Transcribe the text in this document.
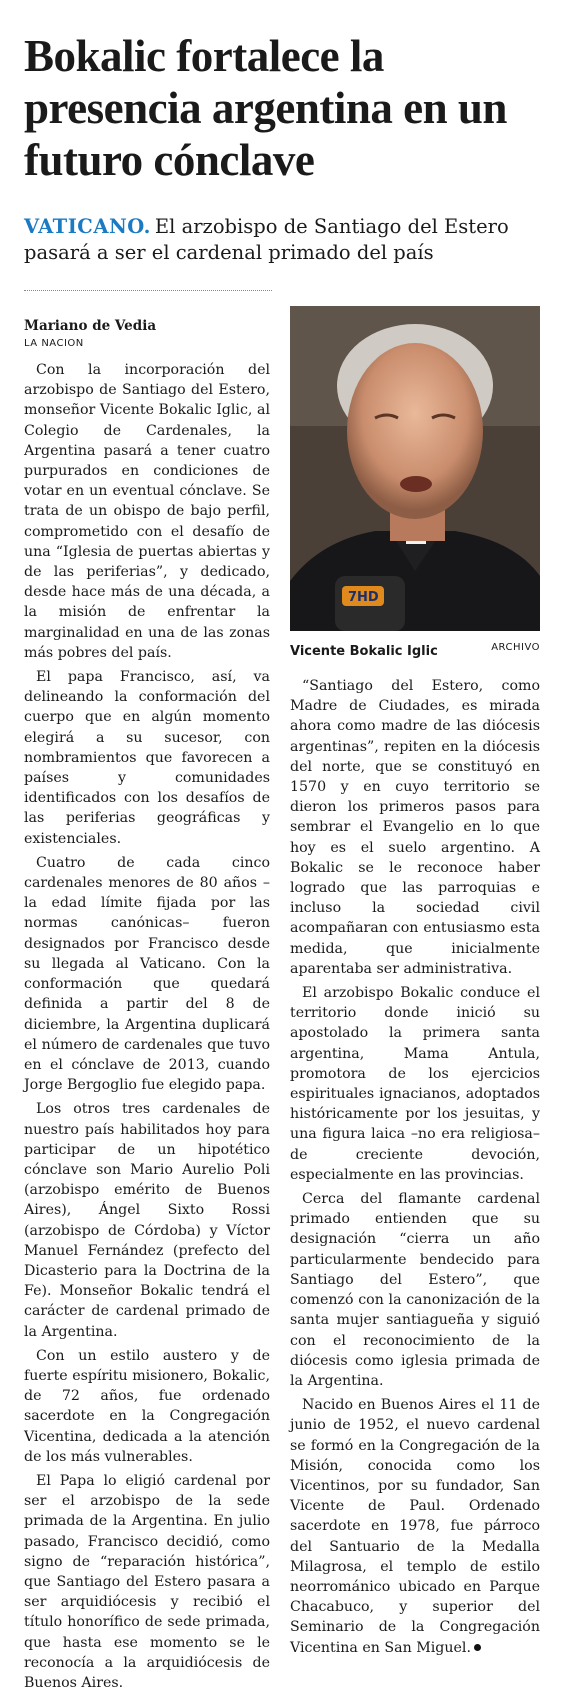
Bokalic fortalece la presencia argentina en un futuro cónclave
VATICANO. El arzobispo de Santiago del Estero pasará a ser el cardenal primado del país
Mariano de Vedia
LA NACION

Con la incorporación del arzobispo de Santiago del Estero, monseñor Vicente Bokalic Iglic, al Colegio de Cardenales, la Argentina pasará a tener cuatro purpurados en condiciones de votar en un eventual cónclave. Se trata de un obispo de bajo perfil, comprometido con el desafío de una “Iglesia de puertas abiertas y de las periferias”, y dedicado, desde hace más de una década, a la misión de enfrentar la marginalidad en una de las zonas más pobres del país.

El papa Francisco, así, va delineando la conformación del cuerpo que en algún momento elegirá a su sucesor, con nombramientos que favorecen a países y comunidades identificados con los desafíos de las periferias geográficas y existenciales.

Cuatro de cada cinco cardenales menores de 80 años –la edad límite fijada por las normas canónicas– fueron designados por Francisco desde su llegada al Vaticano. Con la conformación que quedará definida a partir del 8 de diciembre, la Argentina duplicará el número de cardenales que tuvo en el cónclave de 2013, cuando Jorge Bergoglio fue elegido papa.

Los otros tres cardenales de nuestro país habilitados hoy para participar de un hipotético cónclave son Mario Aurelio Poli (arzobispo emérito de Buenos Aires), Ángel Sixto Rossi (arzobispo de Córdoba) y Víctor Manuel Fernández (prefecto del Dicasterio para la Doctrina de la Fe). Monseñor Bokalic tendrá el carácter de cardenal primado de la Argentina.

Con un estilo austero y de fuerte espíritu misionero, Bokalic, de 72 años, fue ordenado sacerdote en la Congregación Vicentina, dedicada a la atención de los más vulnerables.

El Papa lo eligió cardenal por ser el arzobispo de la sede primada de la Argentina. En julio pasado, Francisco decidió, como signo de “reparación histórica”, que Santiago del Estero pasara a ser arquidiócesis y recibió el título honorífico de sede primada, que hasta ese momento se le reconocía a la arquidiócesis de Buenos Aires.

7HD
Vicente Bokalic Iglic	ARCHIVO

“Santiago del Estero, como Madre de Ciudades, es mirada ahora como madre de las diócesis argentinas”, repiten en la diócesis del norte, que se constituyó en 1570 y en cuyo territorio se dieron los primeros pasos para sembrar el Evangelio en lo que hoy es el suelo argentino. A Bokalic se le reconoce haber logrado que las parroquias e incluso la sociedad civil acompañaran con entusiasmo esta medida, que inicialmente aparentaba ser administrativa.

El arzobispo Bokalic conduce el territorio donde inició su apostolado la primera santa argentina, Mama Antula, promotora de los ejercicios espirituales ignacianos, adoptados históricamente por los jesuitas, y una figura laica –no era religiosa– de creciente devoción, especialmente en las provincias.

Cerca del flamante cardenal primado entienden que su designación “cierra un año particularmente bendecido para Santiago del Estero”, que comenzó con la canonización de la santa mujer santiagueña y siguió con el reconocimiento de la diócesis como iglesia primada de la Argentina.

Nacido en Buenos Aires el 11 de junio de 1952, el nuevo cardenal se formó en la Congregación de la Misión, conocida como los Vicentinos, por su fundador, San Vicente de Paul. Ordenado sacerdote en 1978, fue párroco del Santuario de la Medalla Milagrosa, el templo de estilo neorrománico ubicado en Parque Chacabuco, y superior del Seminario de la Congregación Vicentina en San Miguel.
